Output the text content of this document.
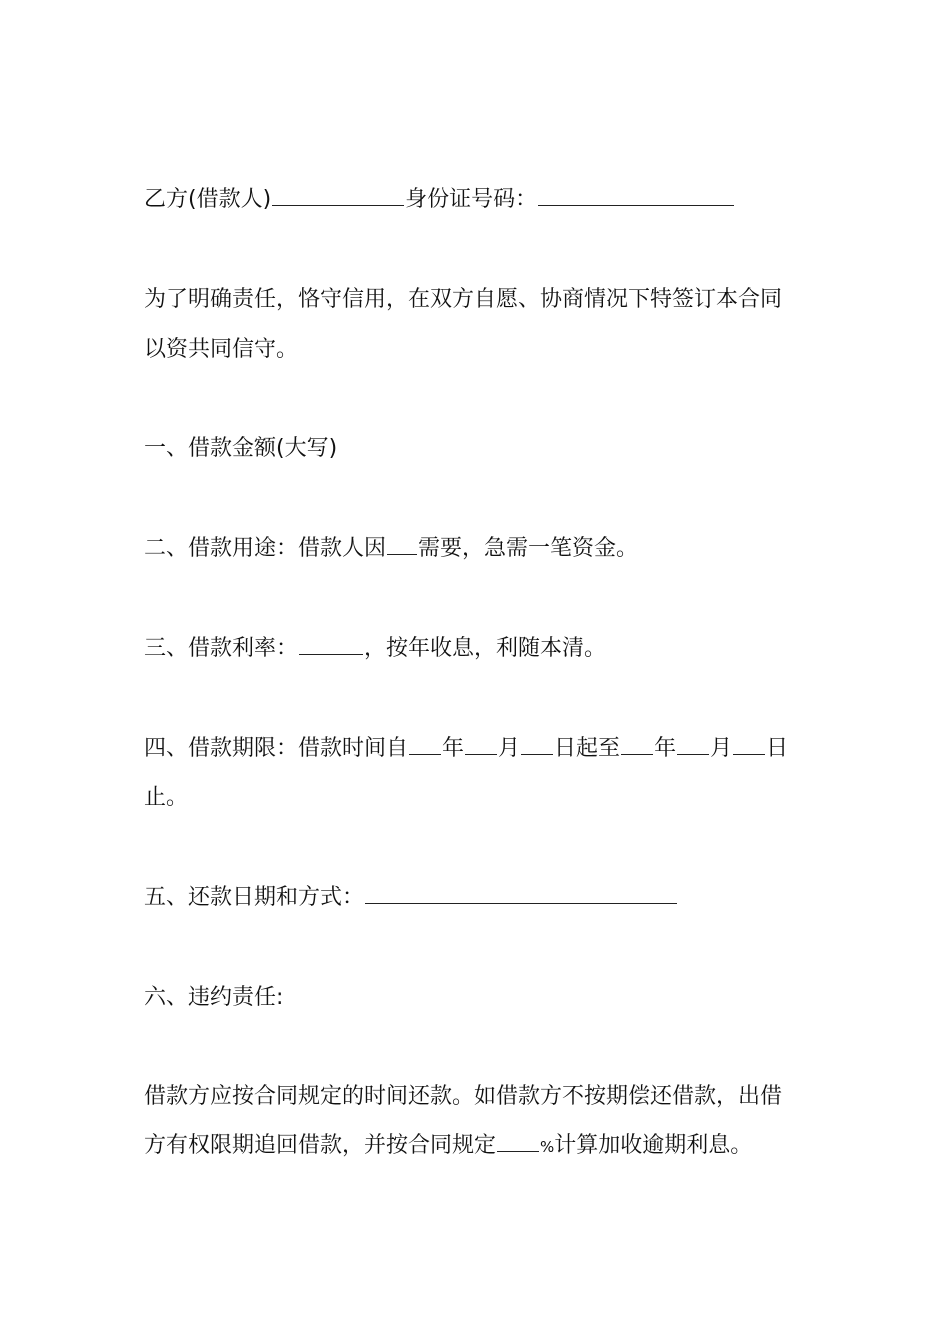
乙方(借款人)	身份证号码：
为了明确责任，恪守信用，在双方自愿、协商情况下特签订本合同
以资共同信守。
一、借款金额(大写)
二、借款用途：借款人因 需要，急需一笔资金。
三、借款利率：	，按年收息，利随本清。
四、借款期限：借款时间自 年 月 日起至 年 月 日
止。
五、还款日期和方式：
六、违约责任:
借款方应按合同规定的时间还款。如借款方不按期偿还借款，出借
方有权限期追回借款，并按合同规定	%计算加收逾期利息。
